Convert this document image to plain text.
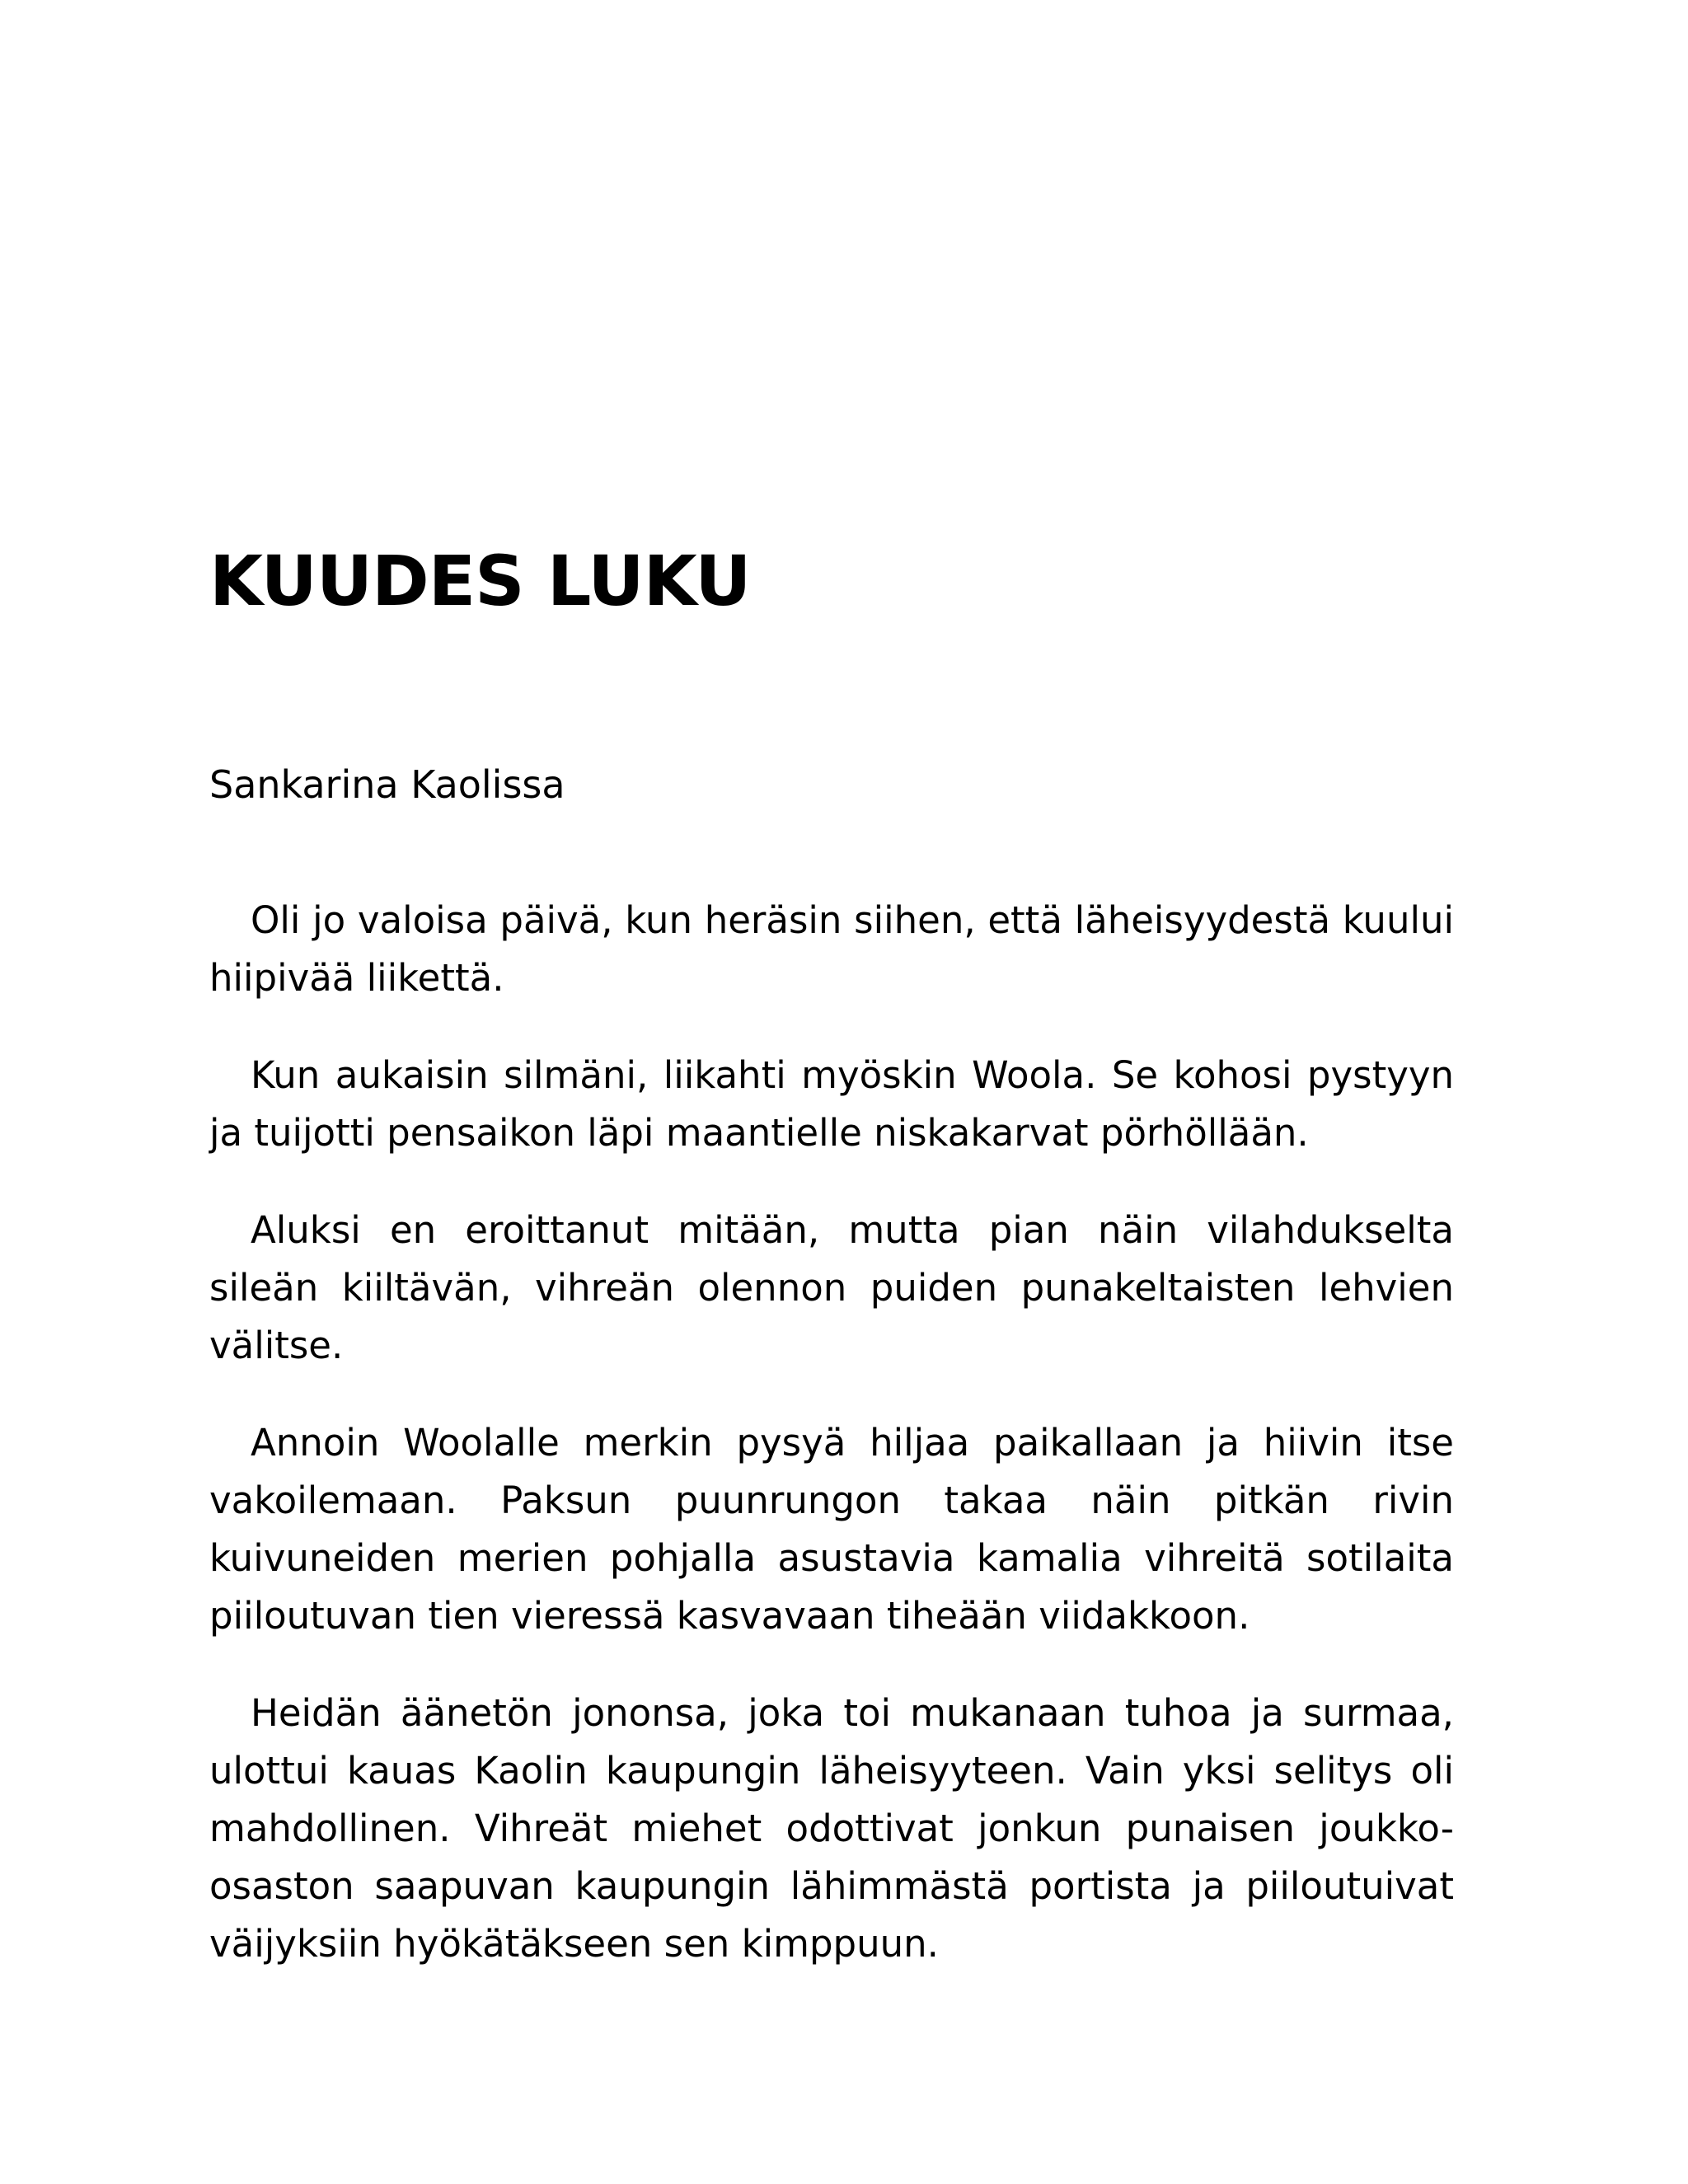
KUUDES LUKU

Sankarina Kaolissa

Oli jo valoisa päivä, kun heräsin siihen, että läheisyydestä kuului hiipivää liikettä.

Kun aukaisin silmäni, liikahti myöskin Woola. Se kohosi pystyyn ja tuijotti pensaikon läpi maantielle niskakarvat pörhöllään.

Aluksi en eroittanut mitään, mutta pian näin vilahdukselta sileän kiiltävän, vihreän olennon puiden punakeltaisten lehvien välitse.

Annoin Woolalle merkin pysyä hiljaa paikallaan ja hiivin itse vakoilemaan. Paksun puunrungon takaa näin pitkän rivin kuivuneiden merien pohjalla asustavia kamalia vihreitä sotilaita piiloutuvan tien vieressä kasvavaan tiheään viidakkoon.

Heidän äänetön jononsa, joka toi mukanaan tuhoa ja surmaa, ulottui kauas Kaolin kaupungin läheisyyteen. Vain yksi selitys oli mahdollinen. Vihreät miehet odottivat jonkun punaisen joukko-osaston saapuvan kaupungin lähimmästä portista ja piiloutuivat väijyksiin hyökätäkseen sen kimppuun.
